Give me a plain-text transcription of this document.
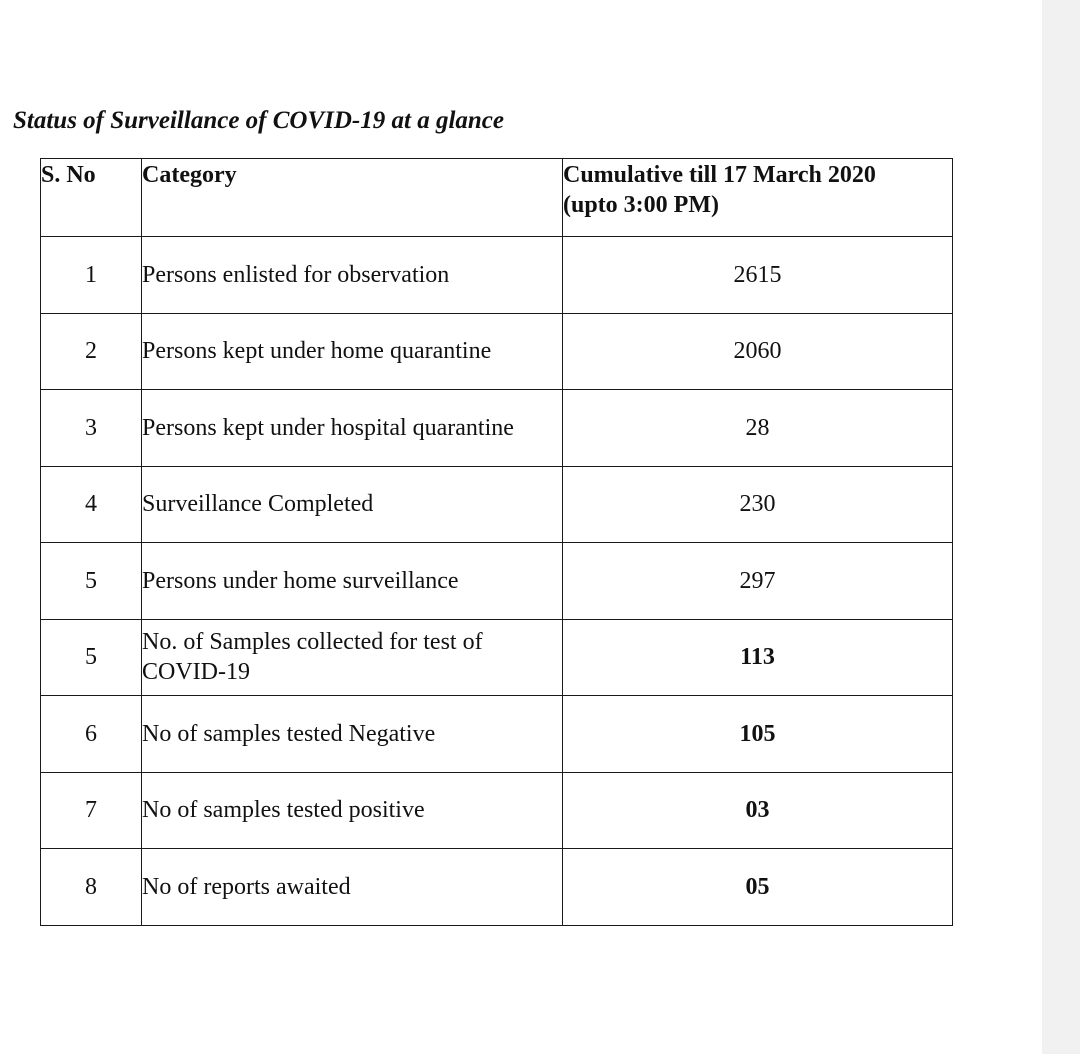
Status of Surveillance of COVID-19 at a glance
S. No	Category	Cumulative till 17 March 2020
(upto 3:00 PM)

1	Persons enlisted for observation	2615
2	Persons kept under home quarantine	2060
3	Persons kept under hospital quarantine	28
4	Surveillance Completed	230
5	Persons under home surveillance	297
5	No. of Samples collected for test of COVID-19	113
6	No of samples tested Negative	105
7	No of samples tested positive	03
8	No of reports awaited	05
